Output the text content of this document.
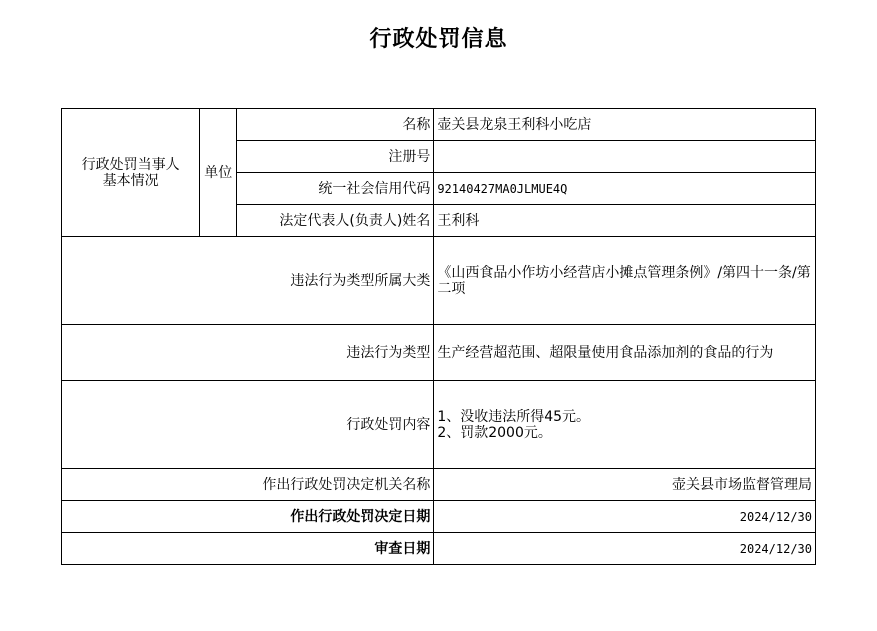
行政处罚信息
行政处罚当事人
基本情况	单位	名称	壶关县龙泉王利科小吃店
		注册号	
		统一社会信用代码	92140427MA0JLMUE4Q
		法定代表人(负责人)姓名	王利科
违法行为类型所属大类			《山西食品小作坊小经营店小摊点管理条例》/第四十一条/第二项
违法行为类型			生产经营超范围、超限量使用食品添加剂的食品的行为
行政处罚内容			1、没收违法所得45元。
2、罚款2000元。
作出行政处罚决定机关名称			壶关县市场监督管理局
作出行政处罚决定日期			2024/12/30
审查日期			2024/12/30
